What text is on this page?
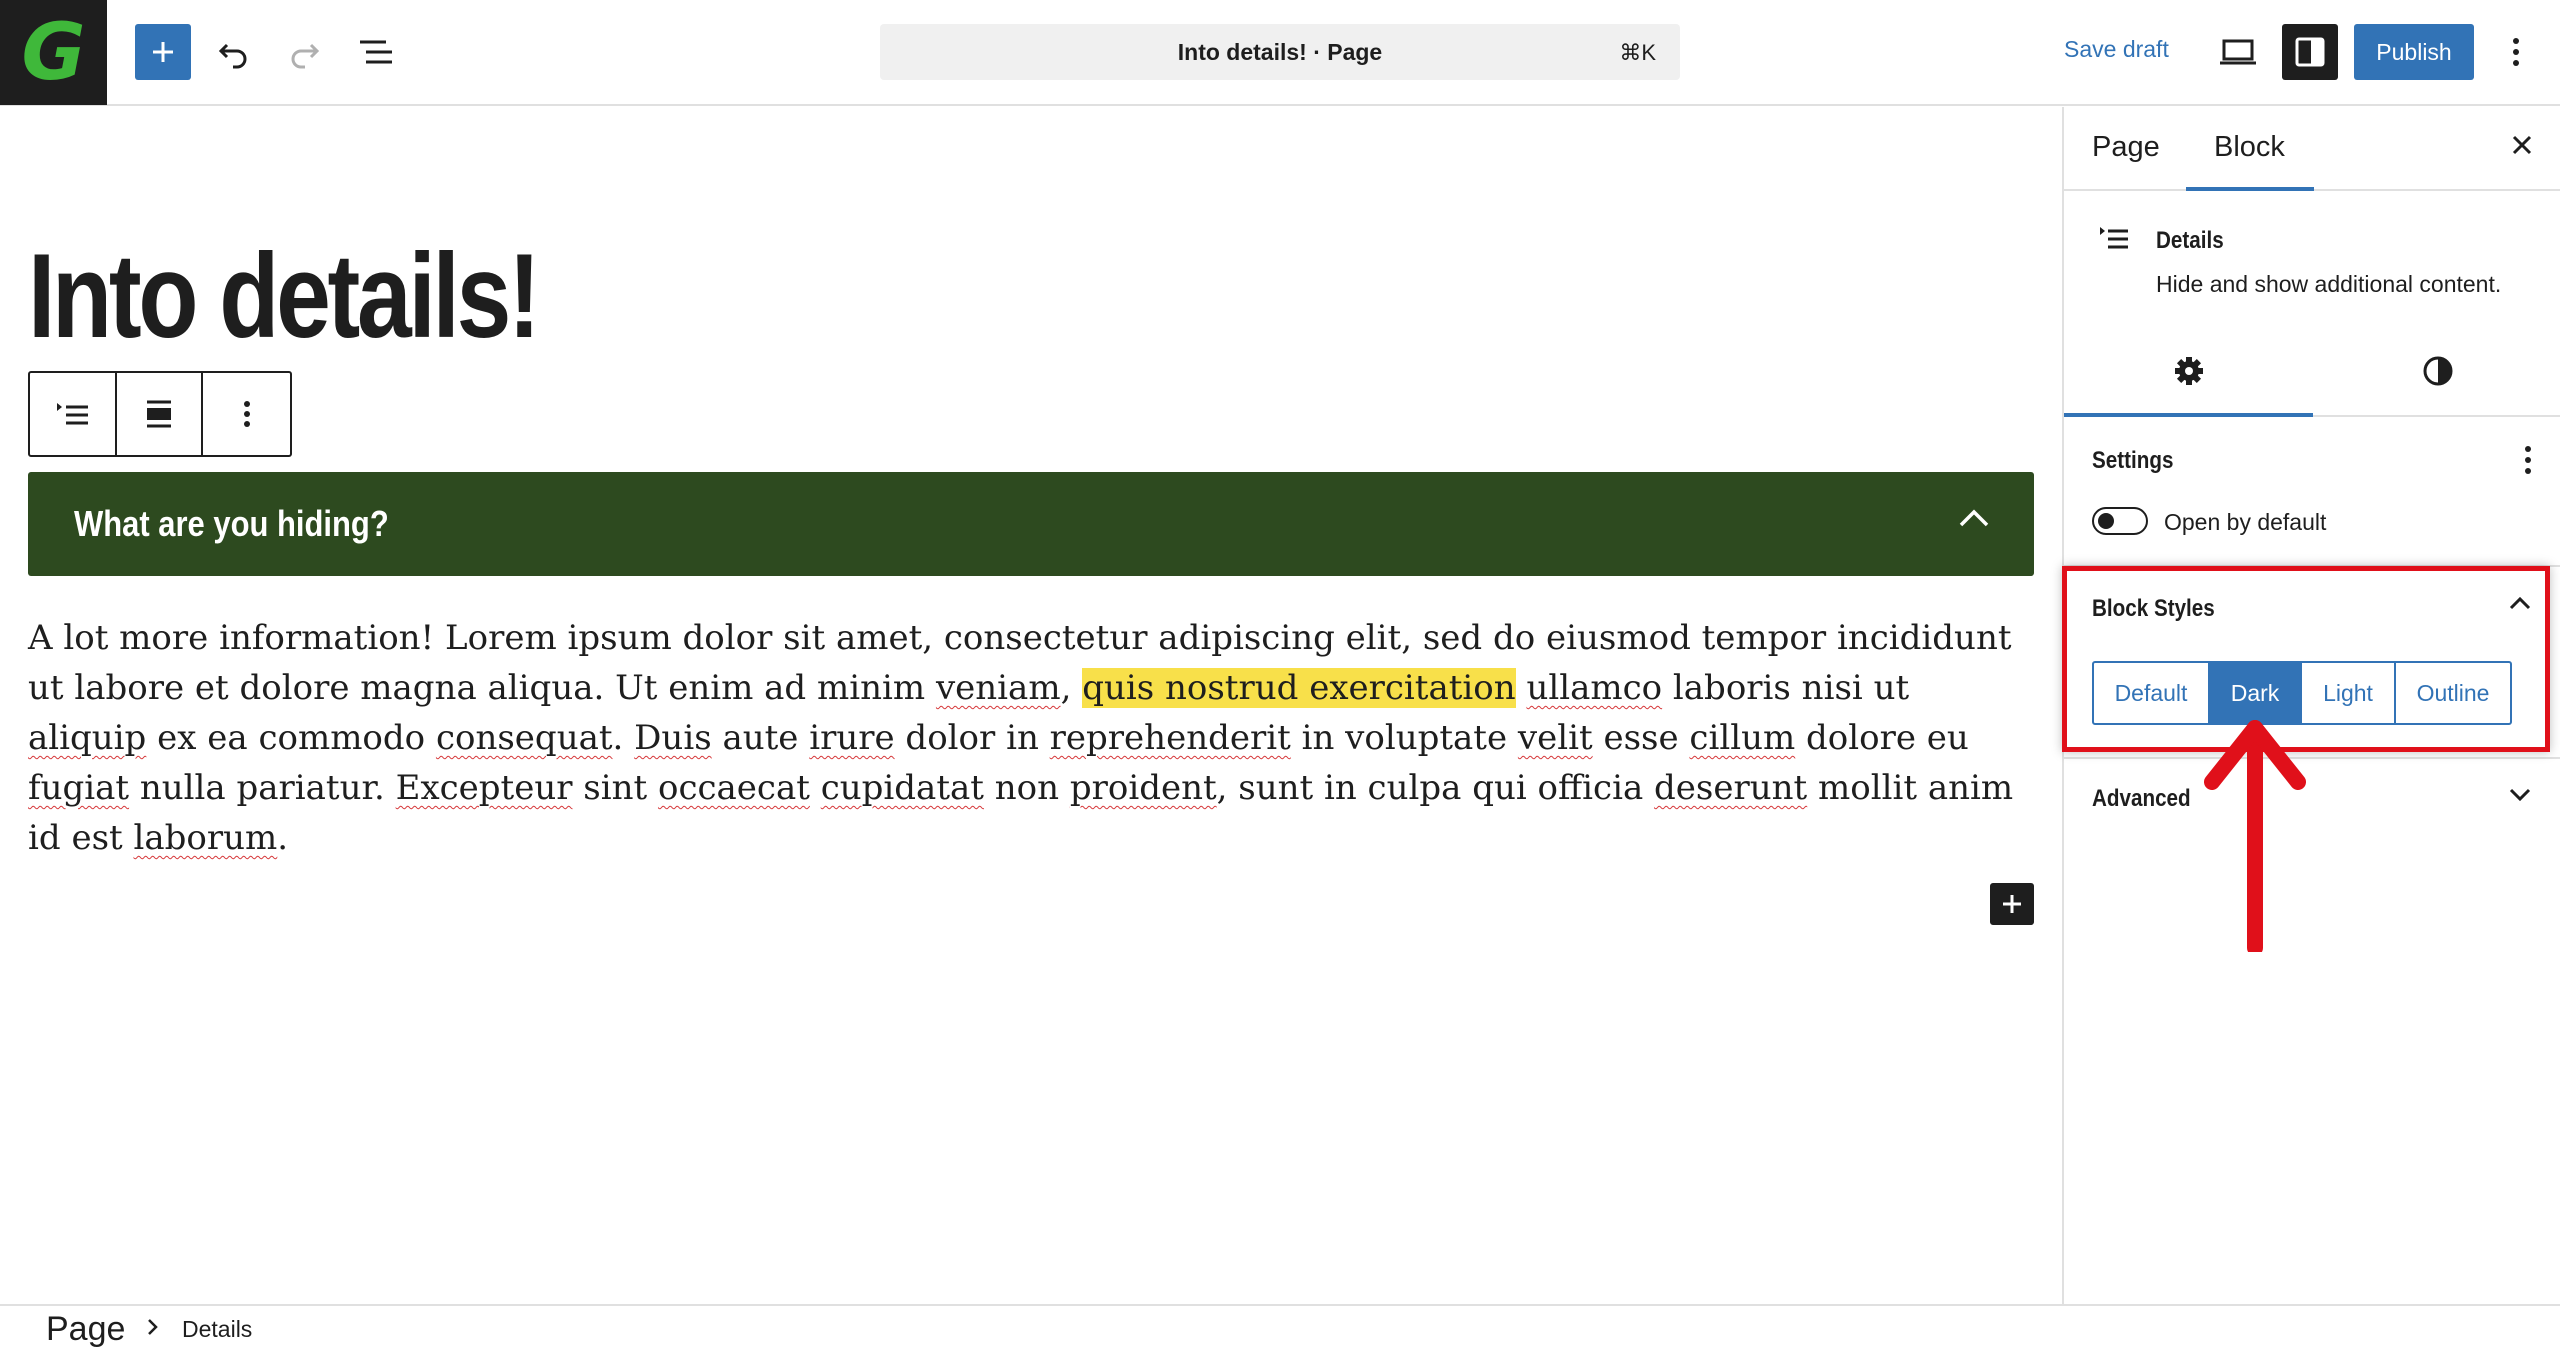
G	Into details! · Page	⌘K	Save draft	Publish
Into details!
What are you hiding?

A lot more information! Lorem ipsum dolor sit amet, consectetur adipiscing elit, sed do eiusmod tempor incididunt ut labore et dolore magna aliqua. Ut enim ad minim veniam, quis nostrud exercitation ullamco laboris nisi ut aliquip ex ea commodo consequat. Duis aute irure dolor in reprehenderit in voluptate velit esse cillum dolore eu fugiat nulla pariatur. Excepteur sint occaecat cupidatat non proident, sunt in culpa qui officia deserunt mollit anim id est laborum.

Page Block
Details
Hide and show additional content.
Settings
Open by default
Block Styles
Default	Dark	Light	Outline
Advanced
Page Details
